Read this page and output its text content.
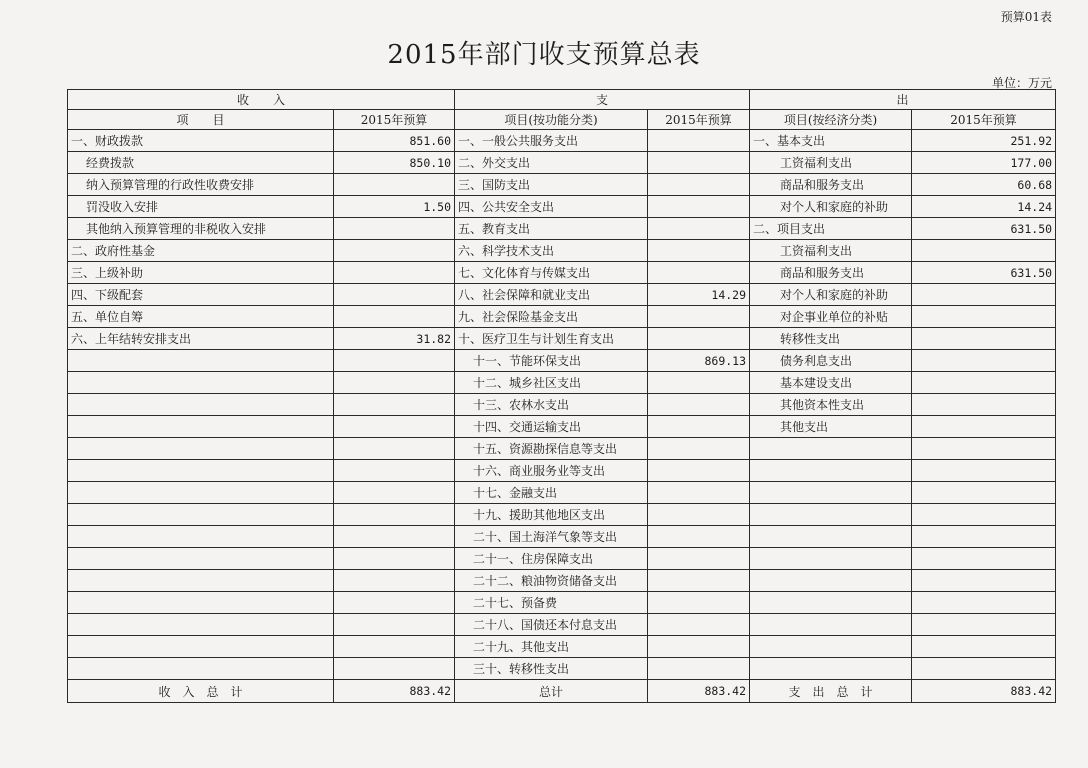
预算01表
2015年部门收支预算总表
单位：万元
收　　入		支		出	
项　　目	2015年预算	项目(按功能分类)	2015年预算	项目(按经济分类)	2015年预算
一、财政拨款	851.60	一、一般公共服务支出		一、基本支出	251.92
经费拨款	850.10	二、外交支出		工资福利支出	177.00
纳入预算管理的行政性收费安排		三、国防支出		商品和服务支出	60.68
罚没收入安排	1.50	四、公共安全支出		对个人和家庭的补助	14.24
其他纳入预算管理的非税收入安排		五、教育支出		二、项目支出	631.50
二、政府性基金		六、科学技术支出		工资福利支出	
三、上级补助		七、文化体育与传媒支出		商品和服务支出	631.50
四、下级配套		八、社会保障和就业支出	14.29	对个人和家庭的补助	
五、单位自筹		九、社会保险基金支出		对企事业单位的补贴	
六、上年结转安排支出	31.82	十、医疗卫生与计划生育支出		转移性支出	
		十一、节能环保支出	869.13	债务利息支出	
		十二、城乡社区支出		基本建设支出	
		十三、农林水支出		其他资本性支出	
		十四、交通运输支出		其他支出	
		十五、资源勘探信息等支出			
		十六、商业服务业等支出			
		十七、金融支出			
		十九、援助其他地区支出			
		二十、国土海洋气象等支出			
		二十一、住房保障支出			
		二十二、粮油物资储备支出			
		二十七、预备费			
		二十八、国债还本付息支出			
		二十九、其他支出			
		三十、转移性支出			
收　入　总　计	883.42	总计	883.42	支　出　总　计	883.42
